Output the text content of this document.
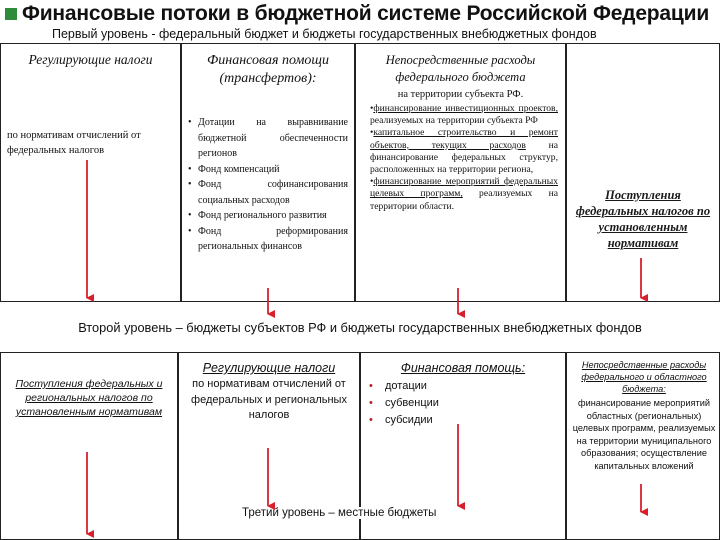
Финансовые потоки в бюджетной системе Российской Федерации
Первый уровень - федеральный бюджет и бюджеты государственных внебюджетных фондов
Регулирующие налоги
по нормативам отчислений от федеральных налогов
Финансовая помощи
(трансфертов):
• Дотации на выравнивание бюджетной обеспеченности регионов
• Фонд компенсаций
• Фонд софинансирования социальных расходов
• Фонд регионального развития
• Фонд реформирования региональных финансов
Непосредственные расходы
федерального бюджета
на территории субъекта РФ.
•финансирование инвестиционных проектов, реализуемых на территории субъекта РФ
•капитальное строительство и ремонт объектов, текущих расходов на финансирование федеральных структур, расположенных на территории региона,
•финансирование мероприятий федеральных целевых программ, реализуемых на территории области.
Поступления федеральных налогов по установленным нормативам
Второй уровень – бюджеты субъектов РФ и бюджеты государственных внебюджетных фондов
Поступления федеральных и региональных налогов по установленным нормативам
Регулирующие налоги
по нормативам отчислений от федеральных и региональных налогов
Финансовая помощь:
•	дотации
•	субвенции
•	субсидии
Непосредственные расходы федерального и областного бюджета:
финансирование мероприятий областных (региональных) целевых программ, реализуемых на территории муниципального образования; осуществление капитальных вложений
Третий уровень – местные бюджеты
